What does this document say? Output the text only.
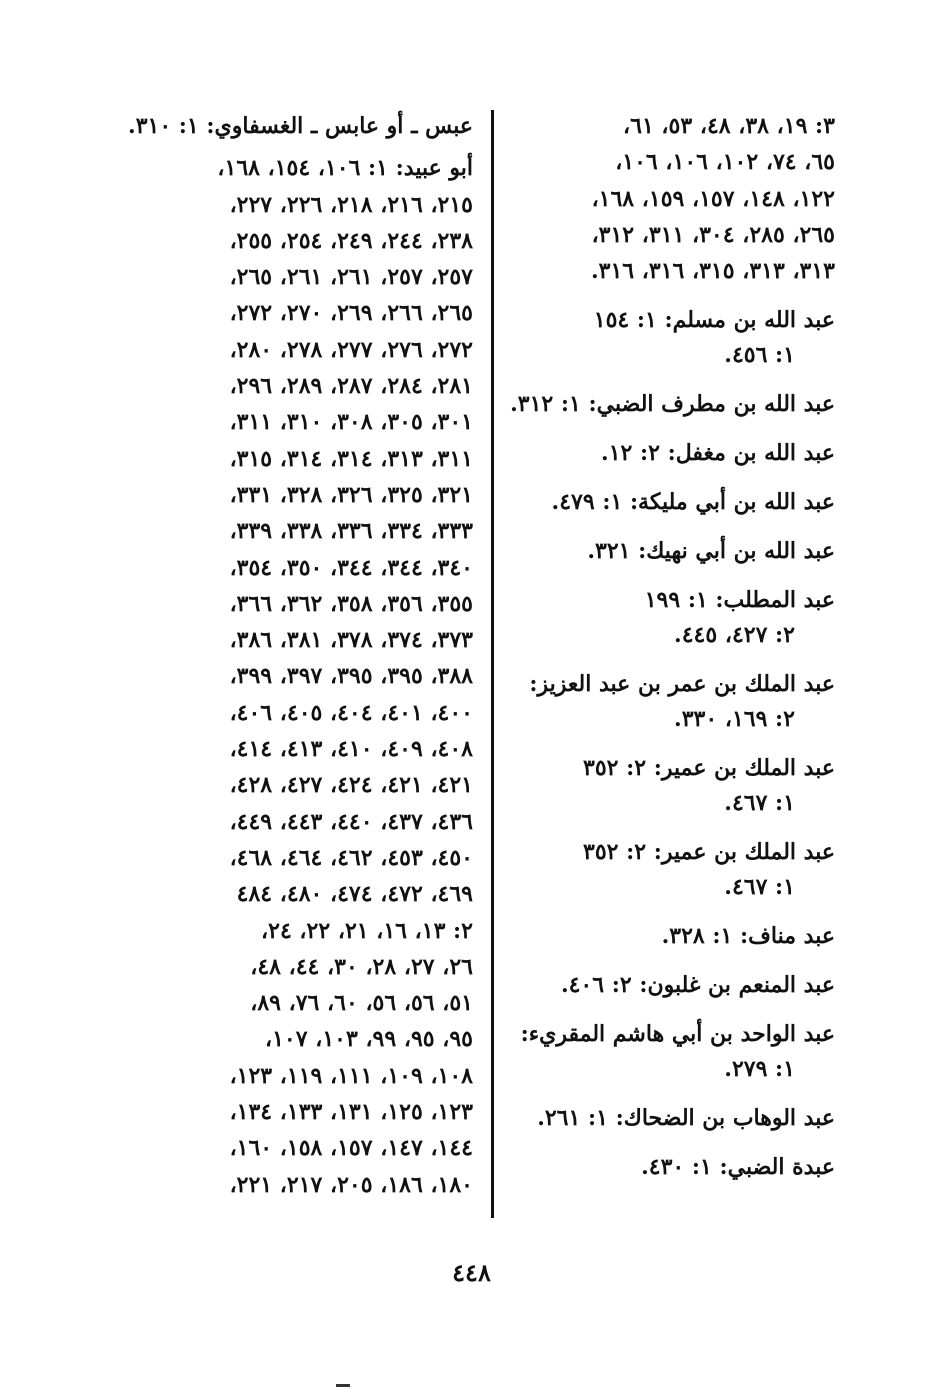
٣: ١٩، ٣٨، ٤٨، ٥٣، ٦١،
٦٥، ٧٤، ١٠٢، ١٠٦، ١٠٦،
١٢٢، ١٤٨، ١٥٧، ١٥٩، ١٦٨،
٢٦٥، ٢٨٥، ٣٠٤، ٣١١، ٣١٢،
٣١٣، ٣١٣، ٣١٥، ٣١٦، ٣١٦.
عبد الله بن مسلم: ١: ١٥٤
١: ٤٥٦.
عبد الله بن مطرف الضبي: ١: ٣١٢.
عبد الله بن مغفل: ٢: ١٢.
عبد الله بن أبي مليكة: ١: ٤٧٩.
عبد الله بن أبي نهيك: ٣٢١.
عبد المطلب: ١: ١٩٩
٢: ٤٢٧، ٤٤٥.
عبد الملك بن عمر بن عبد العزيز:
٢: ١٦٩، ٣٣٠.
عبد الملك بن عمير: ٢: ٣٥٢
١: ٤٦٧.
عبد الملك بن عمير: ٢: ٣٥٢
١: ٤٦٧.
عبد مناف: ١: ٣٢٨.
عبد المنعم بن غلبون: ٢: ٤٠٦.
عبد الواحد بن أبي هاشم المقريء:
١: ٢٧٩.
عبد الوهاب بن الضحاك: ١: ٢٦١.
عبدة الضبي: ١: ٤٣٠.
عبس ـ أو عابس ـ الغسفاوي: ١: ٣١٠.
أبو عبيد: ١: ١٠٦، ١٥٤، ١٦٨،
٢١٥، ٢١٦، ٢١٨، ٢٢٦، ٢٢٧،
٢٣٨، ٢٤٤، ٢٤٩، ٢٥٤، ٢٥٥،
٢٥٧، ٢٥٧، ٢٦١، ٢٦١، ٢٦٥،
٢٦٥، ٢٦٦، ٢٦٩، ٢٧٠، ٢٧٢،
٢٧٢، ٢٧٦، ٢٧٧، ٢٧٨، ٢٨٠،
٢٨١، ٢٨٤، ٢٨٧، ٢٨٩، ٢٩٦،
٣٠١، ٣٠٥، ٣٠٨، ٣١٠، ٣١١،
٣١١، ٣١٣، ٣١٤، ٣١٤، ٣١٥،
٣٢١، ٣٢٥، ٣٢٦، ٣٢٨، ٣٣١،
٣٣٣، ٣٣٤، ٣٣٦، ٣٣٨، ٣٣٩،
٣٤٠، ٣٤٤، ٣٤٤، ٣٥٠، ٣٥٤،
٣٥٥، ٣٥٦، ٣٥٨، ٣٦٢، ٣٦٦،
٣٧٣، ٣٧٤، ٣٧٨، ٣٨١، ٣٨٦،
٣٨٨، ٣٩٥، ٣٩٥، ٣٩٧، ٣٩٩،
٤٠٠، ٤٠١، ٤٠٤، ٤٠٥، ٤٠٦،
٤٠٨، ٤٠٩، ٤١٠، ٤١٣، ٤١٤،
٤٢١، ٤٢١، ٤٢٤، ٤٢٧، ٤٢٨،
٤٣٦، ٤٣٧، ٤٤٠، ٤٤٣، ٤٤٩،
٤٥٠، ٤٥٣، ٤٦٢، ٤٦٤، ٤٦٨،
٤٦٩، ٤٧٢، ٤٧٤، ٤٨٠، ٤٨٤
٢: ١٣، ١٦، ٢١، ٢٢، ٢٤،
٢٦، ٢٧، ٢٨، ٣٠، ٤٤، ٤٨،
٥١، ٥٦، ٥٦، ٦٠، ٧٦، ٨٩،
٩٥، ٩٥، ٩٩، ١٠٣، ١٠٧،
١٠٨، ١٠٩، ١١١، ١١٩، ١٢٣،
١٢٣، ١٢٥، ١٣١، ١٣٣، ١٣٤،
١٤٤، ١٤٧، ١٥٧، ١٥٨، ١٦٠،
١٨٠، ١٨٦، ٢٠٥، ٢١٧، ٢٢١،
٤٤٨
